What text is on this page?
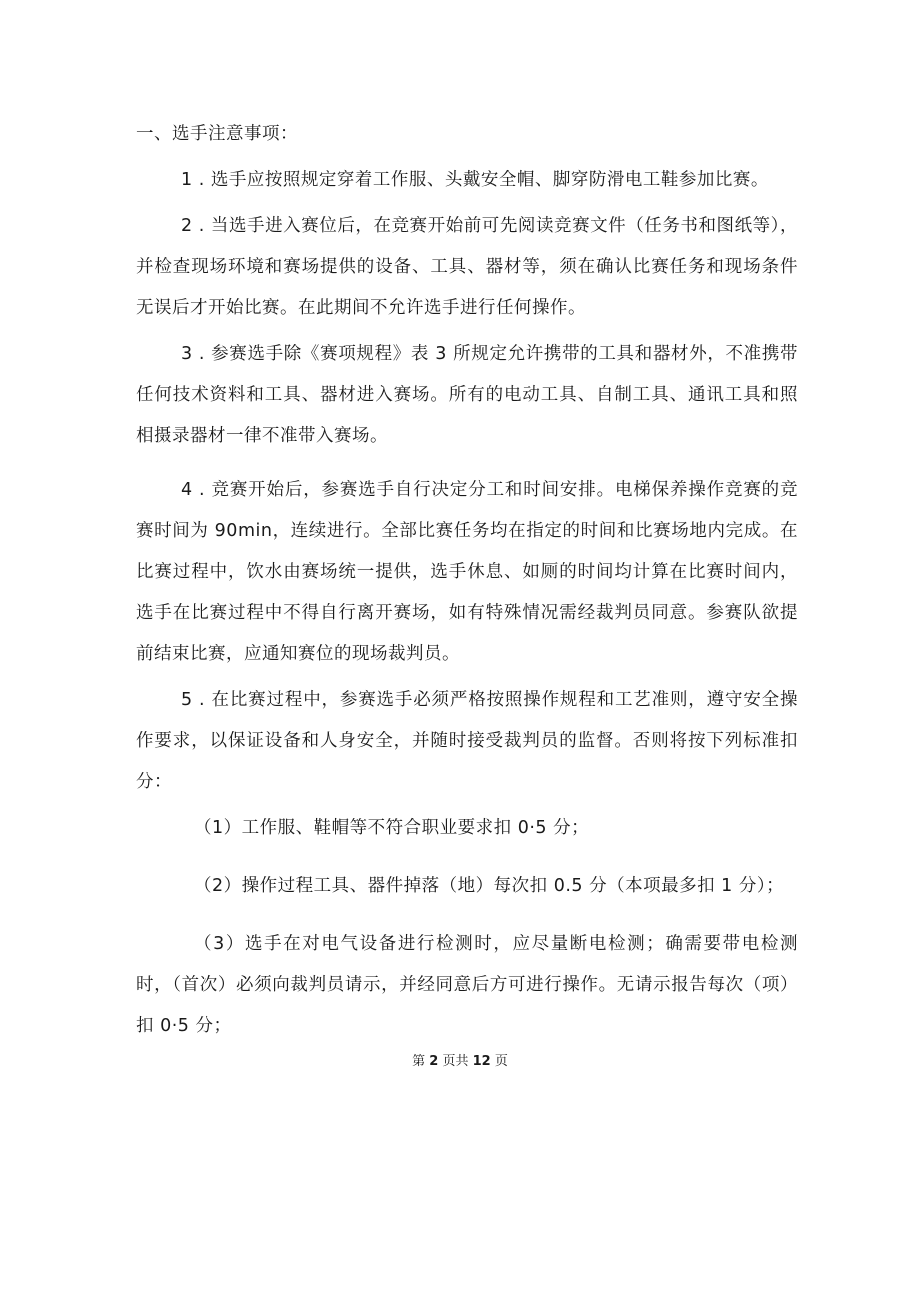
一、选手注意事项：

1 . 选手应按照规定穿着工作服、头戴安全帽、脚穿防滑电工鞋参加比赛。

2 . 当选手进入赛位后，在竞赛开始前可先阅读竞赛文件（任务书和图纸等），并检查现场环境和赛场提供的设备、工具、器材等，须在确认比赛任务和现场条件无误后才开始比赛。在此期间不允许选手进行任何操作。

3 . 参赛选手除《赛项规程》表 3 所规定允许携带的工具和器材外，不准携带任何技术资料和工具、器材进入赛场。所有的电动工具、自制工具、通讯工具和照相摄录器材一律不准带入赛场。

4 . 竞赛开始后，参赛选手自行决定分工和时间安排。电梯保养操作竞赛的竞赛时间为 90min，连续进行。全部比赛任务均在指定的时间和比赛场地内完成。在比赛过程中，饮水由赛场统一提供，选手休息、如厕的时间均计算在比赛时间内，选手在比赛过程中不得自行离开赛场，如有特殊情况需经裁判员同意。参赛队欲提前结束比赛，应通知赛位的现场裁判员。

5 . 在比赛过程中，参赛选手必须严格按照操作规程和工艺准则，遵守安全操作要求，以保证设备和人身安全，并随时接受裁判员的监督。否则将按下列标准扣分：

（1）工作服、鞋帽等不符合职业要求扣 0·5 分；

（2）操作过程工具、器件掉落（地）每次扣 0.5 分（本项最多扣 1 分）；

（3）选手在对电气设备进行检测时，应尽量断电检测；确需要带电检测时，（首次）必须向裁判员请示，并经同意后方可进行操作。无请示报告每次（项）扣 0·5 分；

第 2 页共 12 页
